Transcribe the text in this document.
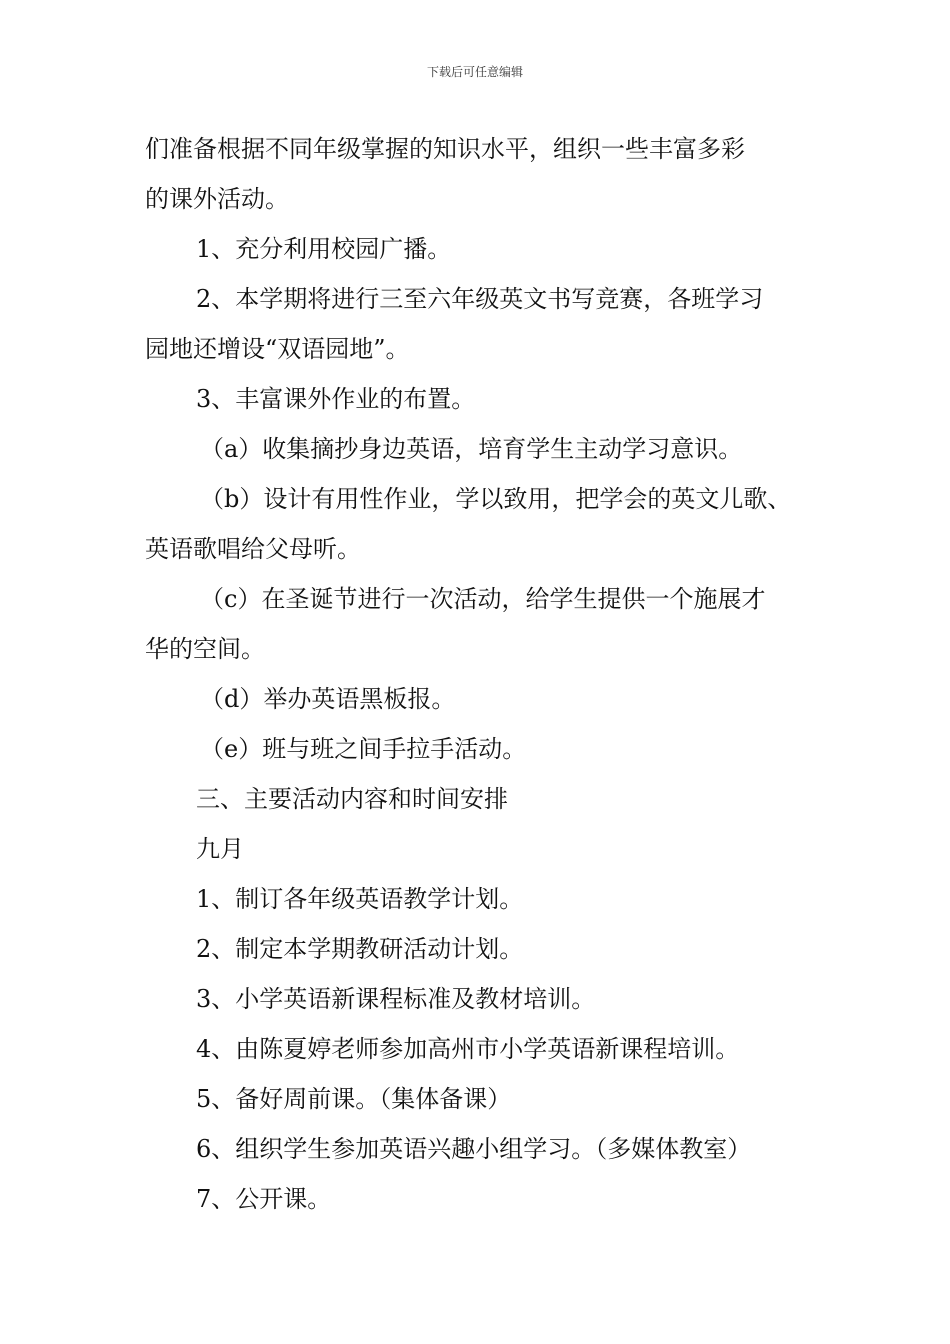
下载后可任意编辑
们准备根据不同年级掌握的知识水平，组织一些丰富多彩
的课外活动。
1、充分利用校园广播。
2、本学期将进行三至六年级英文书写竞赛，各班学习
园地还增设“双语园地”。
3、丰富课外作业的布置。
（a）收集摘抄身边英语，培育学生主动学习意识。
（b）设计有用性作业，学以致用，把学会的英文儿歌、
英语歌唱给父母听。
（c）在圣诞节进行一次活动，给学生提供一个施展才
华的空间。
（d）举办英语黑板报。
（e）班与班之间手拉手活动。
三、主要活动内容和时间安排
九月
1、制订各年级英语教学计划。
2、制定本学期教研活动计划。
3、小学英语新课程标准及教材培训。
4、由陈夏婷老师参加高州市小学英语新课程培训。
5、备好周前课。（集体备课）
6、组织学生参加英语兴趣小组学习。（多媒体教室）
7、公开课。
